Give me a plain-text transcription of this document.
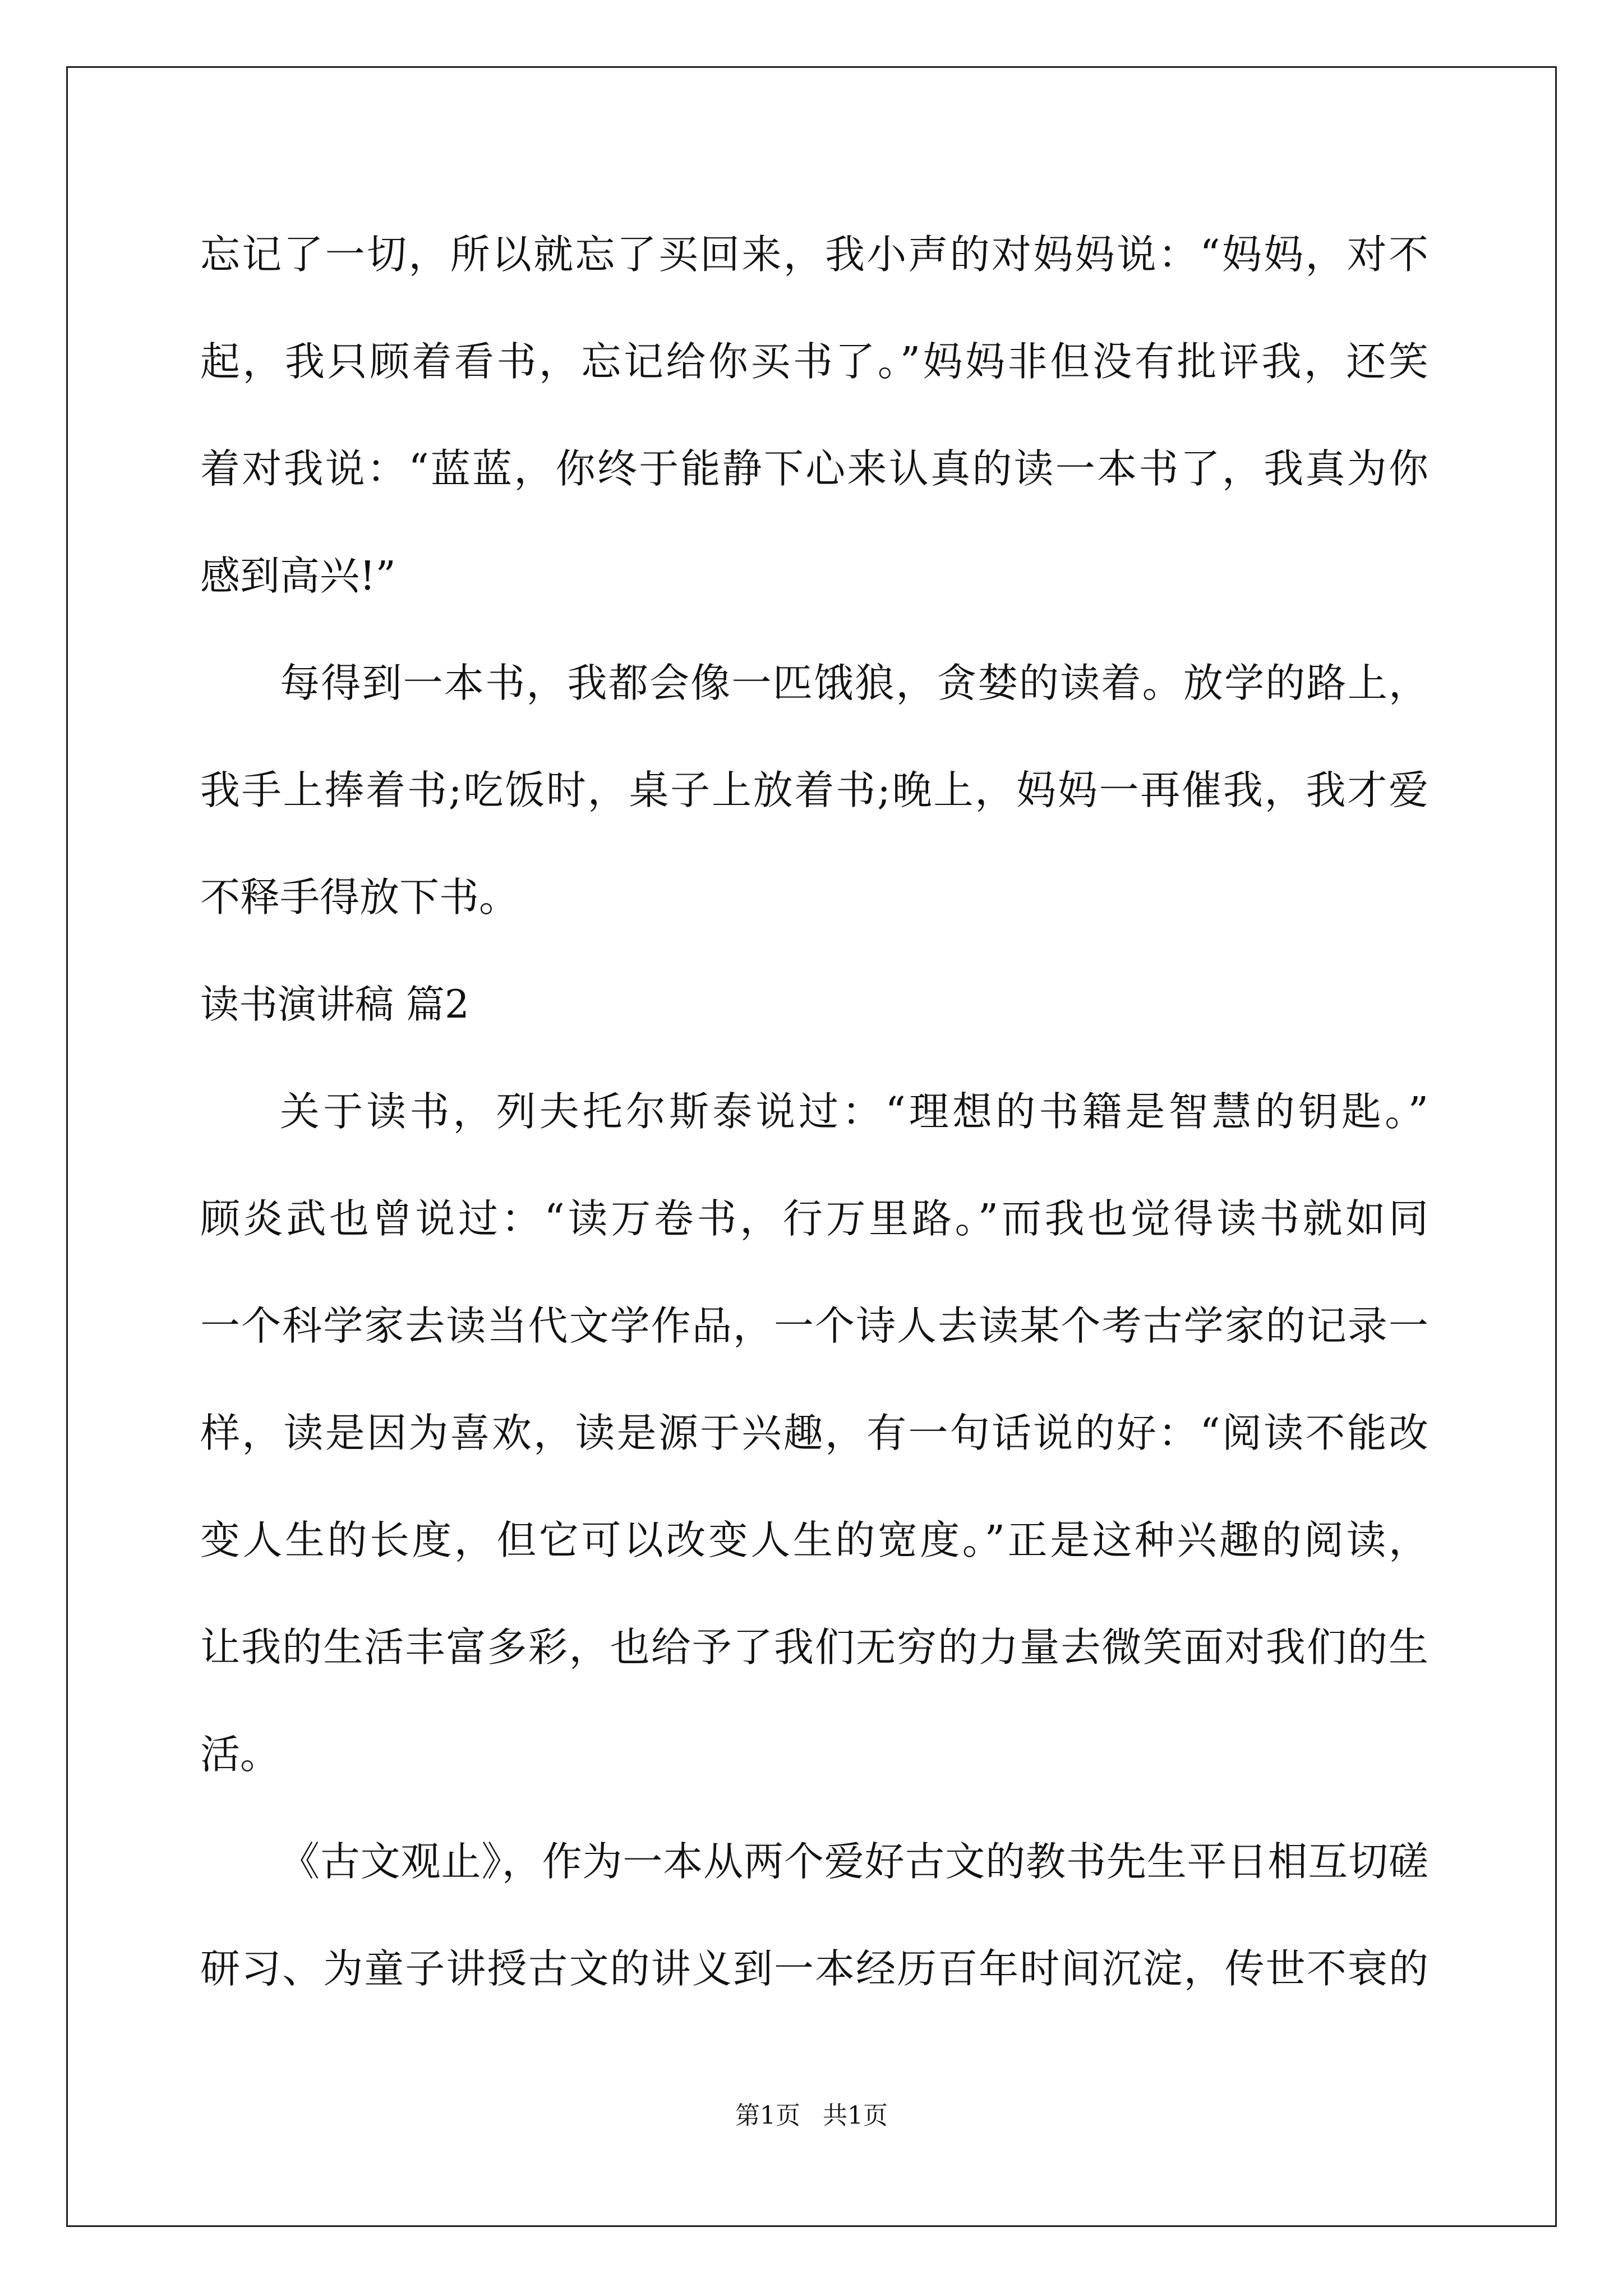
忘记了一切，所以就忘了买回来，我小声的对妈妈说：“妈妈，对不
起，我只顾着看书，忘记给你买书了。”妈妈非但没有批评我，还笑
着对我说：“蓝蓝，你终于能静下心来认真的读一本书了，我真为你
感到高兴!”
每得到一本书，我都会像一匹饿狼，贪婪的读着。放学的路上，
我手上捧着书;吃饭时，桌子上放着书;晚上，妈妈一再催我，我才爱
不释手得放下书。
读书演讲稿 篇2
关于读书，列夫托尔斯泰说过：“理想的书籍是智慧的钥匙。”
顾炎武也曾说过：“读万卷书，行万里路。”而我也觉得读书就如同
一个科学家去读当代文学作品，一个诗人去读某个考古学家的记录一
样，读是因为喜欢，读是源于兴趣，有一句话说的好：“阅读不能改
变人生的长度，但它可以改变人生的宽度。”正是这种兴趣的阅读，
让我的生活丰富多彩，也给予了我们无穷的力量去微笑面对我们的生
活。
《古文观止》，作为一本从两个爱好古文的教书先生平日相互切磋
研习、为童子讲授古文的讲义到一本经历百年时间沉淀，传世不衰的
第1页 共1页
